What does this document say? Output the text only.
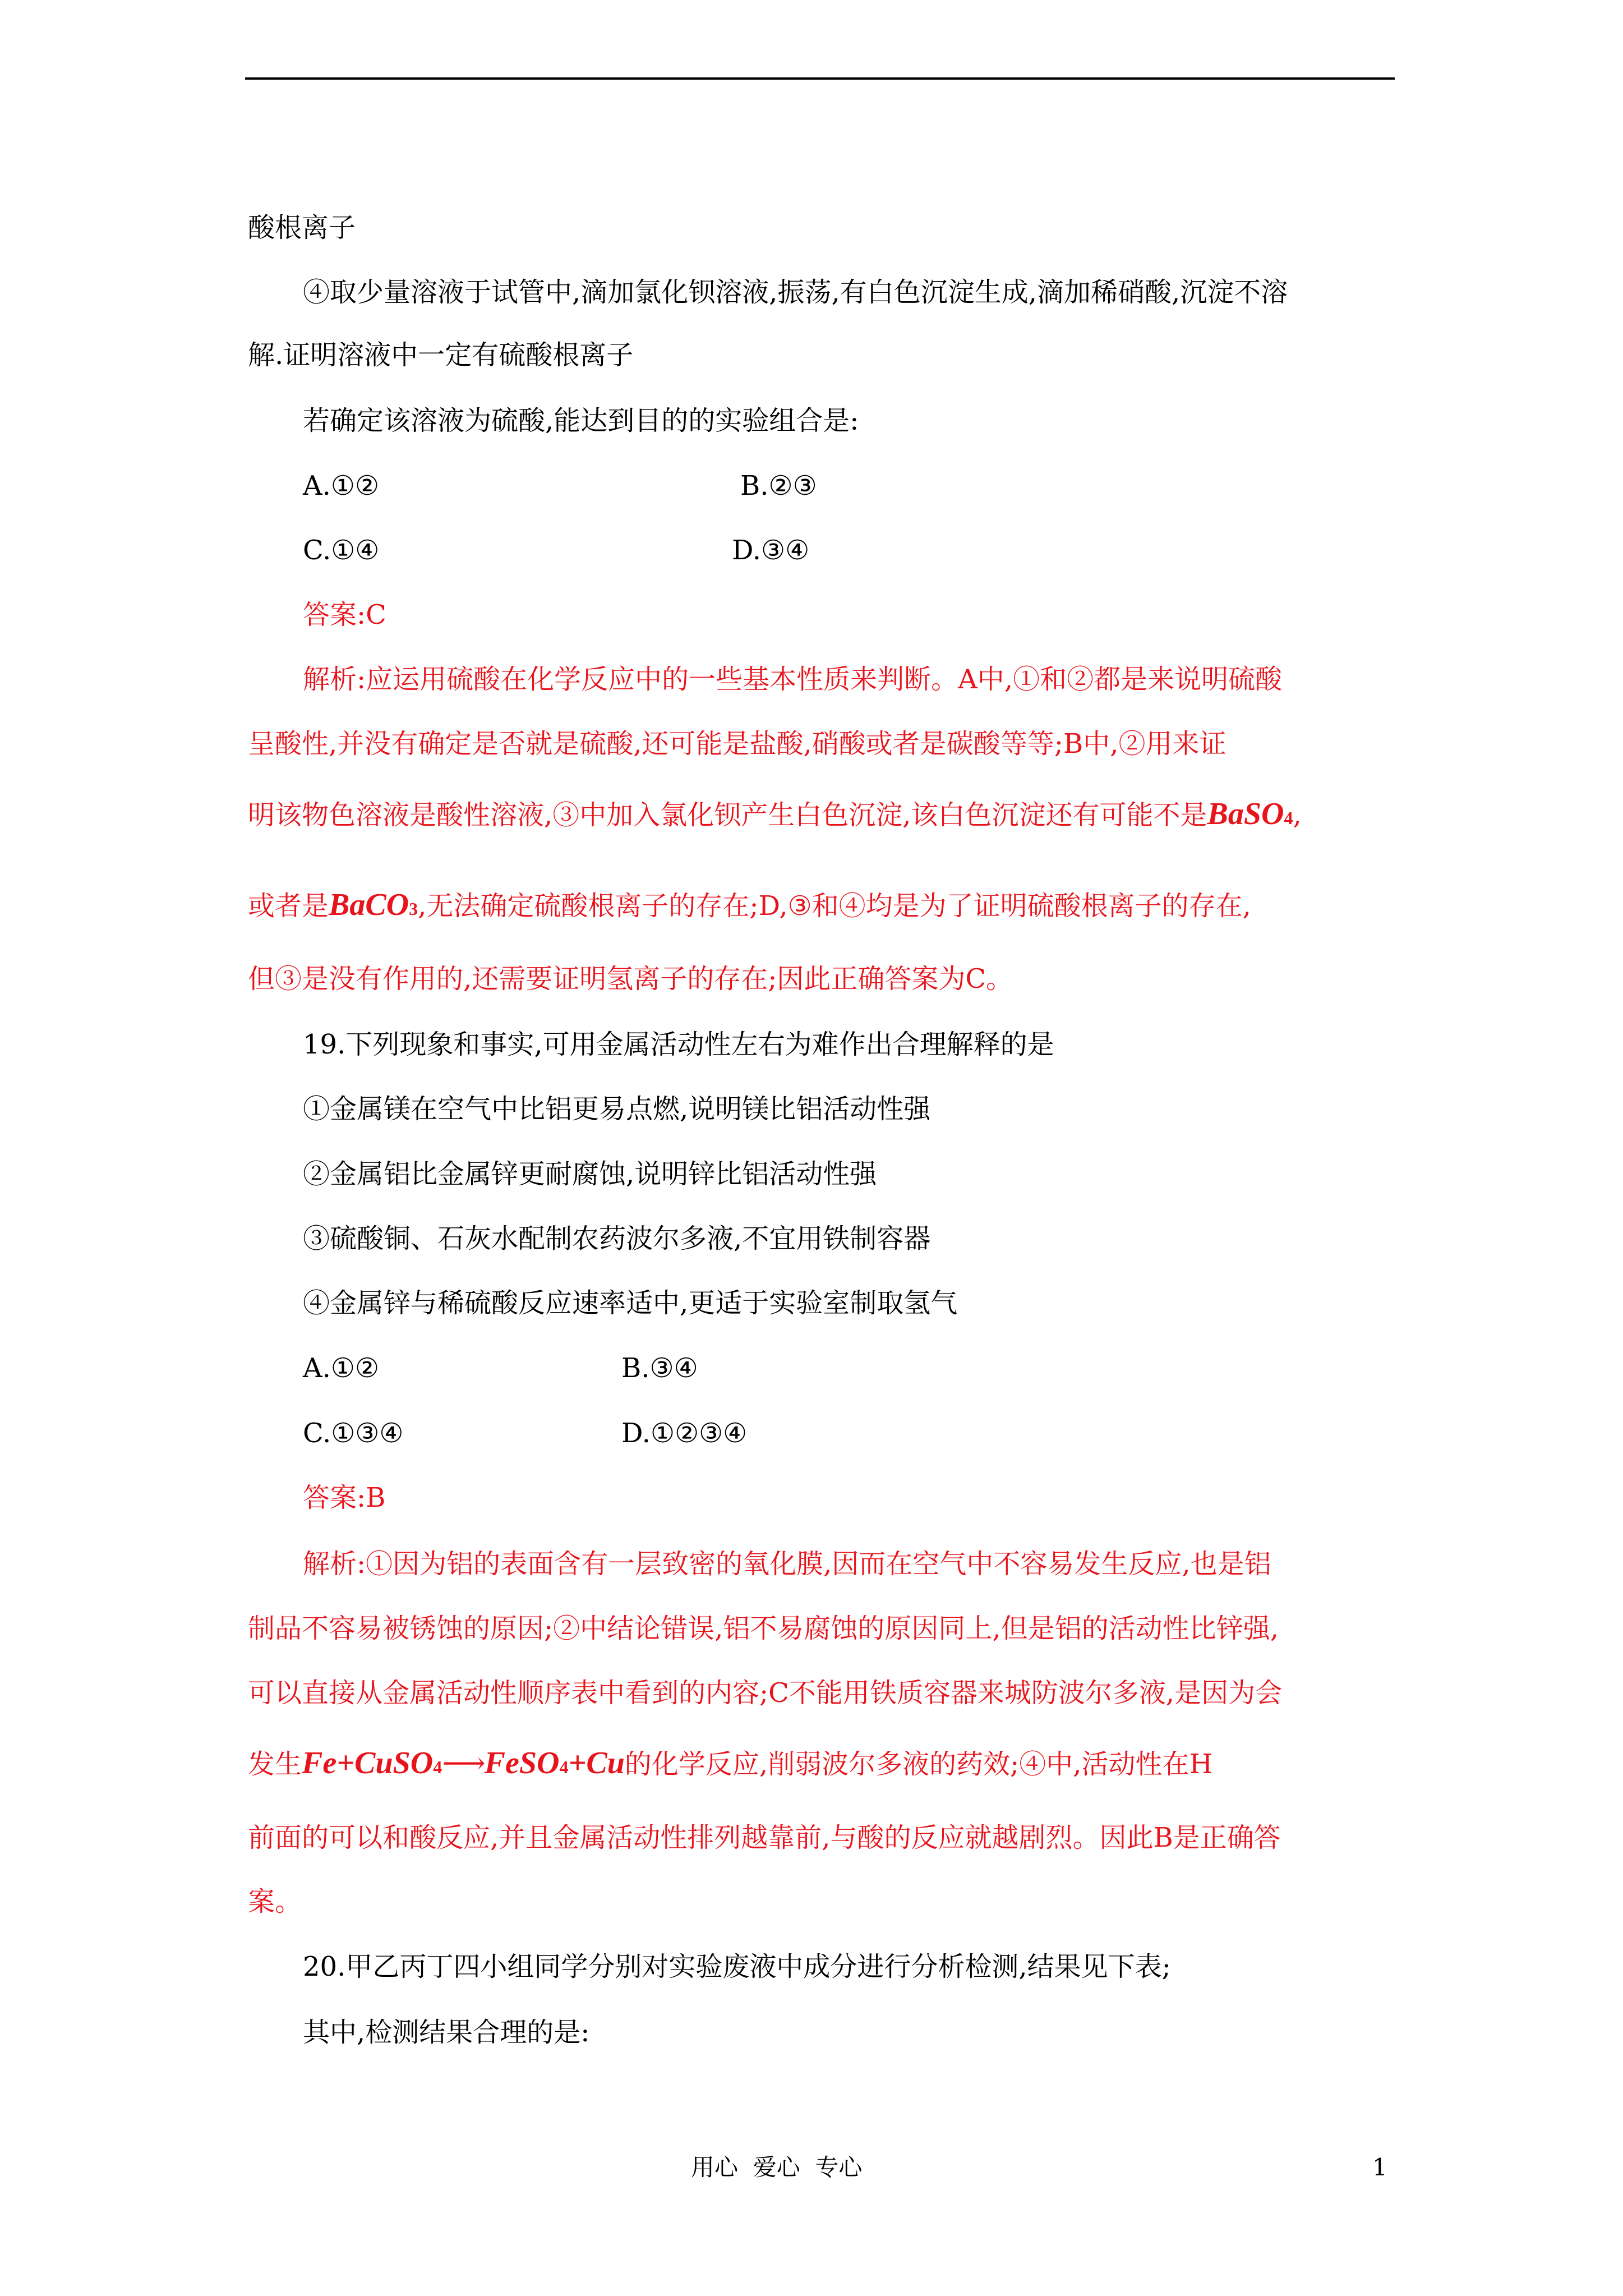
酸根离子
④取少量溶液于试管中,滴加氯化钡溶液,振荡,有白色沉淀生成,滴加稀硝酸,沉淀不溶
解.证明溶液中一定有硫酸根离子
若确定该溶液为硫酸,能达到目的的实验组合是:
A.①②	B.②③
C.①④	D.③④
答案:C
解析:应运用硫酸在化学反应中的一些基本性质来判断。A中,①和②都是来说明硫酸
呈酸性,并没有确定是否就是硫酸,还可能是盐酸,硝酸或者是碳酸等等;B中,②用来证
明该物色溶液是酸性溶液,③中加入氯化钡产生白色沉淀,该白色沉淀还有可能不是BaSO4,
或者是BaCO3,无法确定硫酸根离子的存在;D,③和④均是为了证明硫酸根离子的存在,
但③是没有作用的,还需要证明氢离子的存在;因此正确答案为C。
19.下列现象和事实,可用金属活动性左右为难作出合理解释的是
①金属镁在空气中比铝更易点燃,说明镁比铝活动性强
②金属铝比金属锌更耐腐蚀,说明锌比铝活动性强
③硫酸铜、石灰水配制农药波尔多液,不宜用铁制容器
④金属锌与稀硫酸反应速率适中,更适于实验室制取氢气
A.①②	B.③④
C.①③④	D.①②③④
答案:B
解析:①因为铝的表面含有一层致密的氧化膜,因而在空气中不容易发生反应,也是铝
制品不容易被锈蚀的原因;②中结论错误,铝不易腐蚀的原因同上,但是铝的活动性比锌强,
可以直接从金属活动性顺序表中看到的内容;C不能用铁质容器来城防波尔多液,是因为会
发生Fe+CuSO4⟶FeSO4+Cu的化学反应,削弱波尔多液的药效;④中,活动性在H
前面的可以和酸反应,并且金属活动性排列越靠前,与酸的反应就越剧烈。因此B是正确答
案。
20.甲乙丙丁四小组同学分别对实验废液中成分进行分析检测,结果见下表;
其中,检测结果合理的是:
用心  爱心  专心	1
